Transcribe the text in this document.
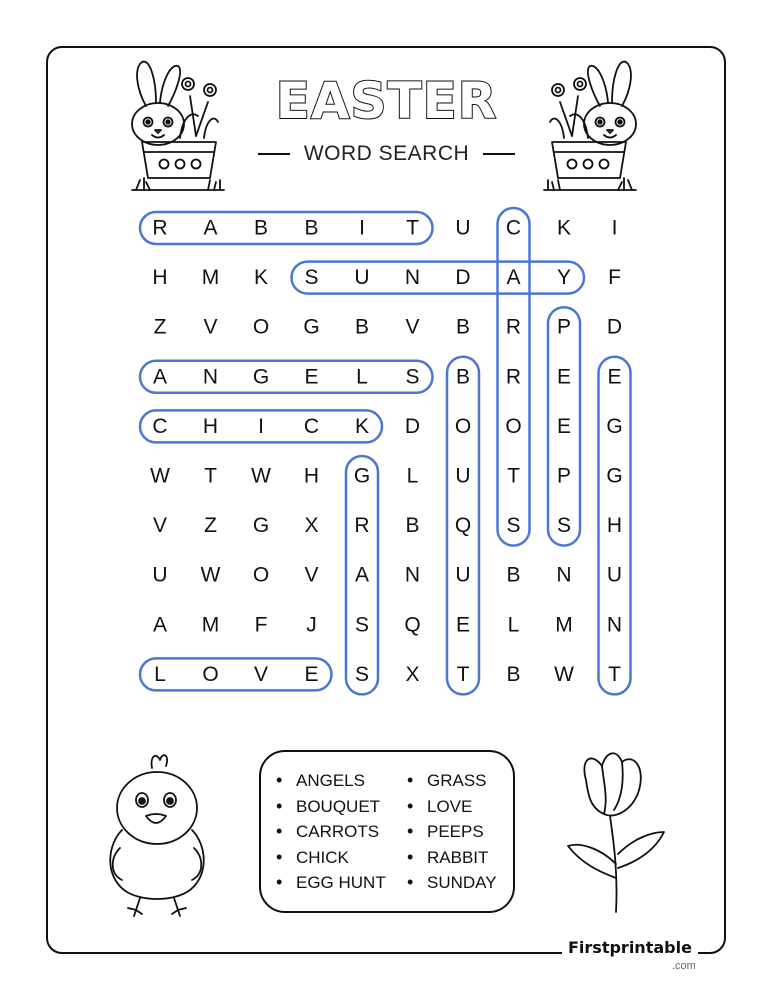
EASTER
WORD SEARCH
R A B B I T U C K I
H M K S U N D A Y F
Z V O G B V B R P D
A N G E L S B R E E
C H I C K D O O E G
W T W H G L U T P G
V Z G X R B Q S S H
U W O V A N U B N U
A M F J S Q E L M N
L O V E S X T B W T
• ANGELS
• BOUQUET
• CARROTS
• CHICK
• EGG HUNT
• GRASS
• LOVE
• PEEPS
• RABBIT
• SUNDAY
Firstprintable
.com
